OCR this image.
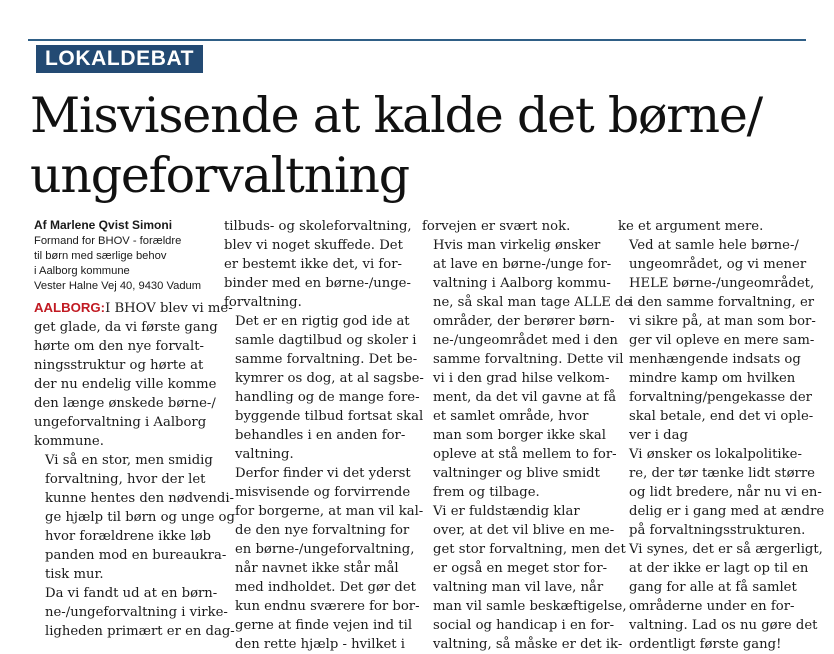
LOKALDEBAT
Misvisende at kalde det børne/
ungeforvaltning
Af Marlene Qvist Simoni
Formand for BHOV - forældre
til børn med særlige behov
i Aalborg kommune
Vester Halne Vej 40, 9430 Vadum

AALBORG:I BHOV blev vi me-
get glade, da vi første gang
hørte om den nye forvalt-
ningsstruktur og hørte at
der nu endelig ville komme
den længe ønskede børne-/
ungeforvaltning i Aalborg
kommune.

Vi så en stor, men smidig
forvaltning, hvor der let
kunne hentes den nødvendi-
ge hjælp til børn og unge og
hvor forældrene ikke løb
panden mod en bureaukra-
tisk mur.

Da vi fandt ud at en børn-
ne-/ungeforvaltning i virke-
ligheden primært er en dag-

tilbuds- og skoleforvaltning,
blev vi noget skuffede. Det
er bestemt ikke det, vi for-
binder med en børne-/unge-
forvaltning.

Det er en rigtig god ide at
samle dagtilbud og skoler i
samme forvaltning. Det be-
kymrer os dog, at al sagsbe-
handling og de mange fore-
byggende tilbud fortsat skal
behandles i en anden for-
valtning.

Derfor finder vi det yderst
misvisende og forvirrende
for borgerne, at man vil kal-
de den nye forvaltning for
en børne-/ungeforvaltning,
når navnet ikke står mål
med indholdet. Det gør det
kun endnu sværere for bor-
gerne at finde vejen ind til
den rette hjælp - hvilket i

forvejen er svært nok.

Hvis man virkelig ønsker
at lave en børne-/unge for-
valtning i Aalborg kommu-
ne, så skal man tage ALLE de
områder, der berører børn-
ne-/ungeområdet med i den
samme forvaltning. Dette vil
vi i den grad hilse velkom-
ment, da det vil gavne at få
et samlet område, hvor
man som borger ikke skal
opleve at stå mellem to for-
valtninger og blive smidt
frem og tilbage.

Vi er fuldstændig klar
over, at det vil blive en me-
get stor forvaltning, men det
er også en meget stor for-
valtning man vil lave, når
man vil samle beskæftigelse,
social og handicap i en for-
valtning, så måske er det ik-

ke et argument mere.

Ved at samle hele børne-/
ungeområdet, og vi mener
HELE børne-/ungeområdet,
i den samme forvaltning, er
vi sikre på, at man som bor-
ger vil opleve en mere sam-
menhængende indsats og
mindre kamp om hvilken
forvaltning/pengekasse der
skal betale, end det vi ople-
ver i dag

Vi ønsker os lokalpolitike-
re, der tør tænke lidt større
og lidt bredere, når nu vi en-
delig er i gang med at ændre
på forvaltningsstrukturen.
Vi synes, det er så ærgerligt,
at der ikke er lagt op til en
gang for alle at få samlet
områderne under en for-
valtning. Lad os nu gøre det
ordentligt første gang!
